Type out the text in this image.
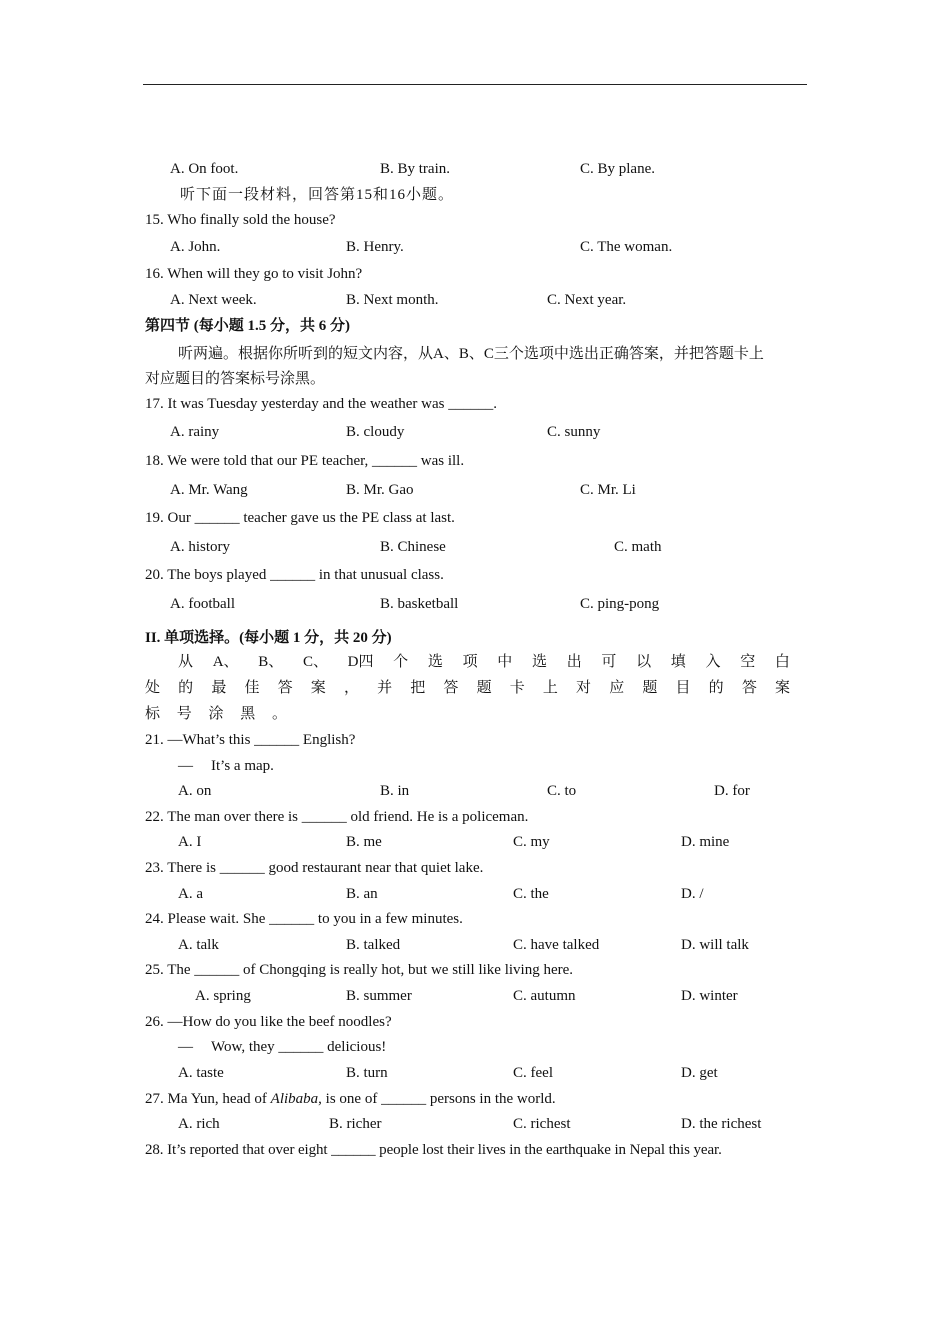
A. On foot.	B. By train.	C. By plane.
听下面一段材料，回答第15和16小题。
15. Who finally sold the house?
A. John.	B. Henry.	C. The woman.
16. When will they go to visit John?
A. Next week.	B. Next month.	C. Next year.
第四节 (每小题 1.5 分，共 6 分)
听两遍。根据你所听到的短文内容，从A、B、C三个选项中选出正确答案，并把答题卡上
对应题目的答案标号涂黑。
17. It was Tuesday yesterday and the weather was ______.
A. rainy	B. cloudy	C. sunny
18. We were told that our PE teacher, ______ was ill.
A. Mr. Wang	B. Mr. Gao	C. Mr. Li
19. Our ______ teacher gave us the PE class at last.
A. history	B. Chinese	C. math
20. The boys played ______ in that unusual class.
A. football	B. basketball	C. ping-pong
II. 单项选择。(每小题 1 分，共 20 分)
从 A、 B、 C、 D四 个 选 项 中 选 出 可 以 填 入 空 白
处 的 最 佳 答 案 ， 并 把 答 题 卡 上 对 应 题 目 的 答 案
标 号 涂 黑 。
21. —What’s this ______ English?
— It’s a map.
A. on	B. in	C. to	D. for
22. The man over there is ______ old friend. He is a policeman.
A. I	B. me	C. my	D. mine
23. There is ______ good restaurant near that quiet lake.
A. a	B. an	C. the	D. /
24. Please wait. She ______ to you in a few minutes.
A. talk	B. talked	C. have talked	D. will talk
25. The ______ of Chongqing is really hot, but we still like living here.
A. spring	B. summer	C. autumn	D. winter
26. —How do you like the beef noodles?
— Wow, they ______ delicious!
A. taste	B. turn	C. feel	D. get
27. Ma Yun, head of Alibaba, is one of ______ persons in the world.
A. rich	B. richer	C. richest	D. the richest
28. It’s reported that over eight ______ people lost their lives in the earthquake in Nepal this year.
